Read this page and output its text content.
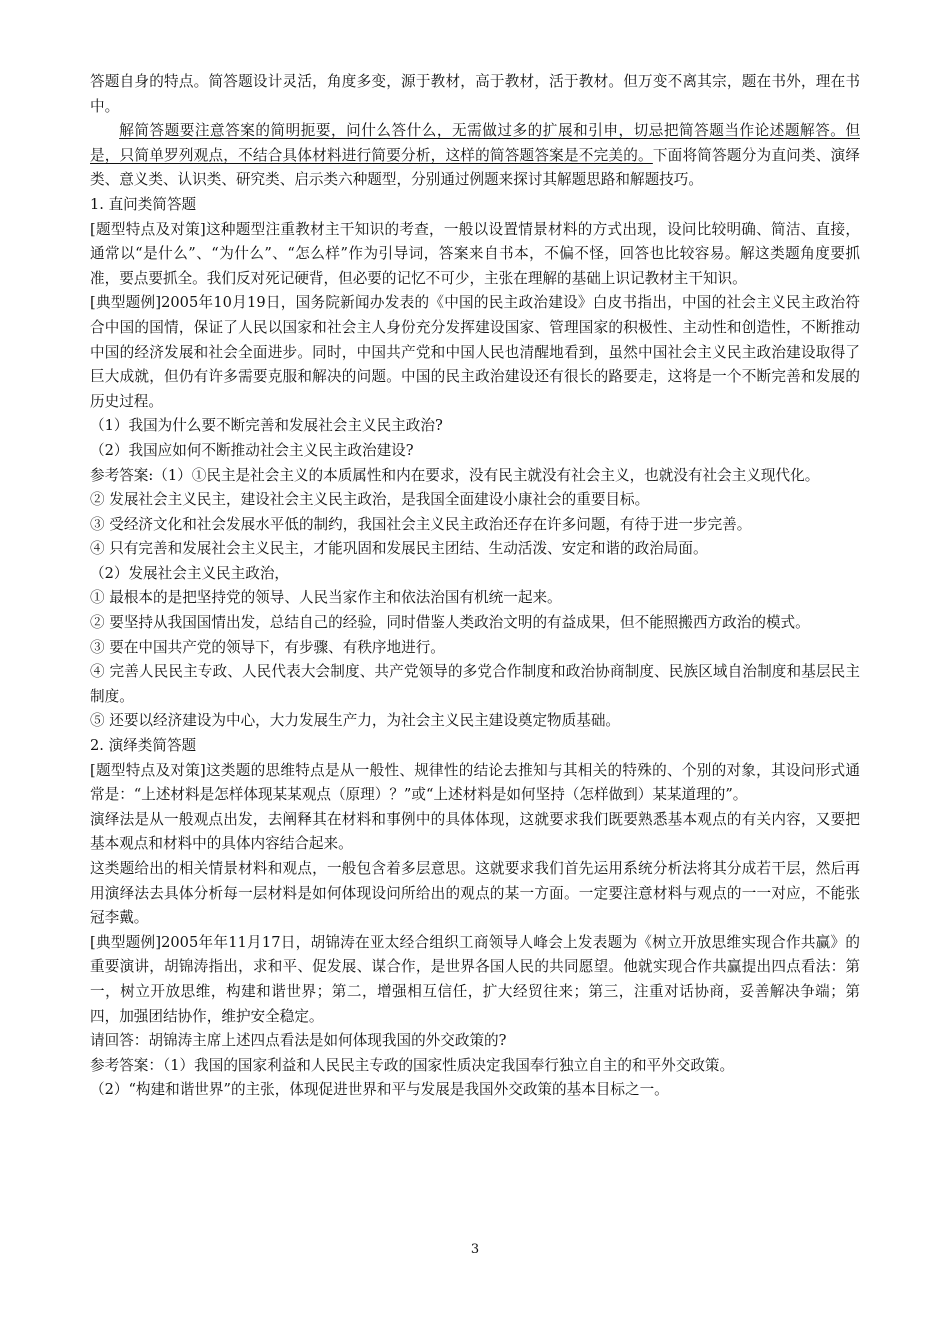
答题自身的特点。简答题设计灵活，角度多变，源于教材，高于教材，活于教材。但万变不离其宗，题在书外，理在书中。

解简答题要注意答案的简明扼要，问什么答什么，无需做过多的扩展和引申，切忌把简答题当作论述题解答。但是，只简单罗列观点，不结合具体材料进行简要分析，这样的简答题答案是不完美的。下面将简答题分为直问类、演绎类、意义类、认识类、研究类、启示类六种题型，分别通过例题来探讨其解题思路和解题技巧。

1. 直问类简答题

[题型特点及对策]这种题型注重教材主干知识的考查，一般以设置情景材料的方式出现，设问比较明确、简洁、直接，通常以“是什么”、“为什么”、“怎么样”作为引导词，答案来自书本，不偏不怪，回答也比较容易。解这类题角度要抓准，要点要抓全。我们反对死记硬背，但必要的记忆不可少，主张在理解的基础上识记教材主干知识。

[典型题例]2005年10月19日，国务院新闻办发表的《中国的民主政治建设》白皮书指出，中国的社会主义民主政治符合中国的国情，保证了人民以国家和社会主人身份充分发挥建设国家、管理国家的积极性、主动性和创造性，不断推动中国的经济发展和社会全面进步。同时，中国共产党和中国人民也清醒地看到，虽然中国社会主义民主政治建设取得了巨大成就，但仍有许多需要克服和解决的问题。中国的民主政治建设还有很长的路要走，这将是一个不断完善和发展的历史过程。

（1）我国为什么要不断完善和发展社会主义民主政治?

（2）我国应如何不断推动社会主义民主政治建设?

参考答案:（1）①民主是社会主义的本质属性和内在要求，没有民主就没有社会主义，也就没有社会主义现代化。

② 发展社会主义民主，建设社会主义民主政治，是我国全面建设小康社会的重要目标。

③ 受经济文化和社会发展水平低的制约，我国社会主义民主政治还存在许多问题，有待于进一步完善。

④ 只有完善和发展社会主义民主，才能巩固和发展民主团结、生动活泼、安定和谐的政治局面。

（2）发展社会主义民主政治，

① 最根本的是把坚持党的领导、人民当家作主和依法治国有机统一起来。

② 要坚持从我国国情出发，总结自己的经验，同时借鉴人类政治文明的有益成果，但不能照搬西方政治的模式。

③ 要在中国共产党的领导下，有步骤、有秩序地进行。

④ 完善人民民主专政、人民代表大会制度、共产党领导的多党合作制度和政治协商制度、民族区域自治制度和基层民主制度。

⑤ 还要以经济建设为中心，大力发展生产力，为社会主义民主建设奠定物质基础。

2. 演绎类简答题

[题型特点及对策]这类题的思维特点是从一般性、规律性的结论去推知与其相关的特殊的、个别的对象，其设问形式通常是：“上述材料是怎样体现某某观点（原理）？”或“上述材料是如何坚持（怎样做到）某某道理的”。

演绎法是从一般观点出发，去阐释其在材料和事例中的具体体现，这就要求我们既要熟悉基本观点的有关内容，又要把基本观点和材料中的具体内容结合起来。

这类题给出的相关情景材料和观点，一般包含着多层意思。这就要求我们首先运用系统分析法将其分成若干层，然后再用演绎法去具体分析每一层材料是如何体现设问所给出的观点的某一方面。一定要注意材料与观点的一一对应，不能张冠李戴。

[典型题例]2005年年11月17日，胡锦涛在亚太经合组织工商领导人峰会上发表题为《树立开放思维实现合作共赢》的重要演讲，胡锦涛指出，求和平、促发展、谋合作，是世界各国人民的共同愿望。他就实现合作共赢提出四点看法：第一，树立开放思维，构建和谐世界；第二，增强相互信任，扩大经贸往来；第三，注重对话协商，妥善解决争端；第四，加强团结协作，维护安全稳定。

请回答：胡锦涛主席上述四点看法是如何体现我国的外交政策的?

参考答案：（1）我国的国家利益和人民民主专政的国家性质决定我国奉行独立自主的和平外交政策。

（2）“构建和谐世界”的主张，体现促进世界和平与发展是我国外交政策的基本目标之一。

3
